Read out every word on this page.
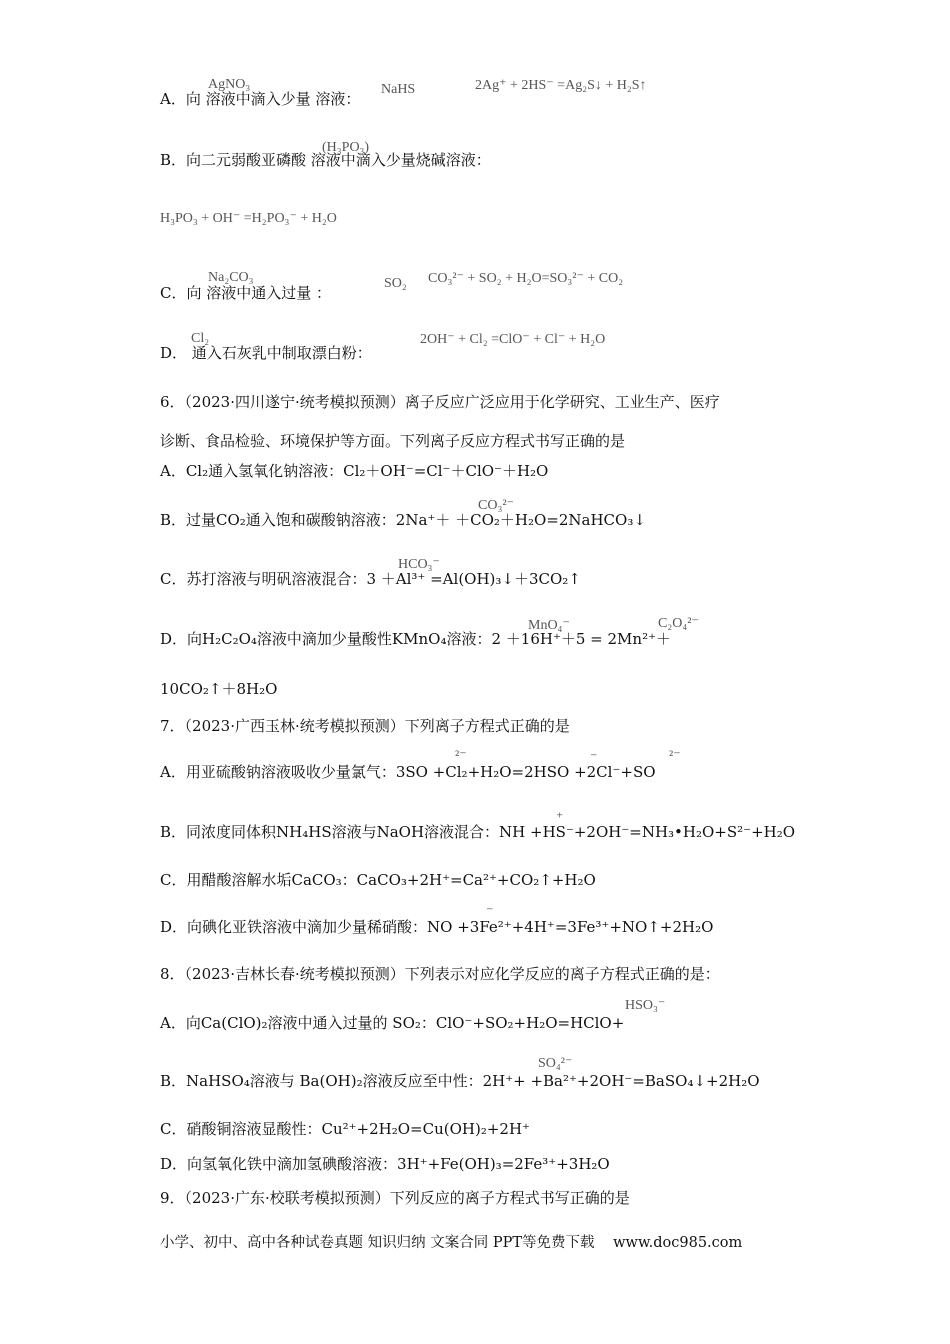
A．向 溶液中滴入少量 溶液：
B．向二元弱酸亚磷酸 溶液中滴入少量烧碱溶液：
C．向 溶液中通入过量 ：
D． 通入石灰乳中制取漂白粉：
6．（2023·四川遂宁·统考模拟预测）离子反应广泛应用于化学研究、工业生产、医疗
诊断、食品检验、环境保护等方面。下列离子反应方程式书写正确的是
A．Cl₂通入氢氧化钠溶液：Cl₂＋OH⁻=Cl⁻＋ClO⁻＋H₂O
B．过量CO₂通入饱和碳酸钠溶液：2Na⁺＋ ＋CO₂＋H₂O=2NaHCO₃↓
C．苏打溶液与明矾溶液混合：3 ＋Al³⁺ =Al(OH)₃↓＋3CO₂↑
D．向H₂C₂O₄溶液中滴加少量酸性KMnO₄溶液：2 ＋16H⁺＋5 = 2Mn²⁺＋
10CO₂↑＋8H₂O
7．（2023·广西玉林·统考模拟预测）下列离子方程式正确的是
A．用亚硫酸钠溶液吸收少量氯气：3SO +Cl₂+H₂O=2HSO +2Cl⁻+SO
B．同浓度同体积NH₄HS溶液与NaOH溶液混合：NH +HS⁻+2OH⁻=NH₃•H₂O+S²⁻+H₂O
C．用醋酸溶解水垢CaCO₃：CaCO₃+2H⁺=Ca²⁺+CO₂↑+H₂O
D．向碘化亚铁溶液中滴加少量稀硝酸：NO +3Fe²⁺+4H⁺=3Fe³⁺+NO↑+2H₂O
8．（2023·吉林长春·统考模拟预测）下列表示对应化学反应的离子方程式正确的是：
A．向Ca(ClO)₂溶液中通入过量的 SO₂：ClO⁻+SO₂+H₂O=HClO+
B．NaHSO₄溶液与 Ba(OH)₂溶液反应至中性：2H⁺+ +Ba²⁺+2OH⁻=BaSO₄↓+2H₂O
C．硝酸铜溶液显酸性：Cu²⁺+2H₂O=Cu(OH)₂+2H⁺
D．向氢氧化铁中滴加氢碘酸溶液：3H⁺+Fe(OH)₃=2Fe³⁺+3H₂O
9．（2023·广东·校联考模拟预测）下列反应的离子方程式书写正确的是
AgNO₃	NaHS	2Ag⁺ + 2HS⁻ =Ag₂S↓ + H₂S↑
(H₃PO₃)
H₃PO₃ + OH⁻ =H₂PO₃⁻ + H₂O
Na₂CO₃	SO₂ CO₃²⁻ + SO₂ + H₂O=SO₃²⁻ + CO₂
Cl₂	2OH⁻ + Cl₂ =ClO⁻ + Cl⁻ + H₂O
CO₃²⁻
HCO₃⁻
MnO₄⁻	C₂O₄²⁻
²⁻	⁻	²⁻
⁺
⁻
HSO₃⁻
SO₄²⁻
小学、初中、高中各种试卷真题 知识归纳 文案合同 PPT等免费下载 www.doc985.com
